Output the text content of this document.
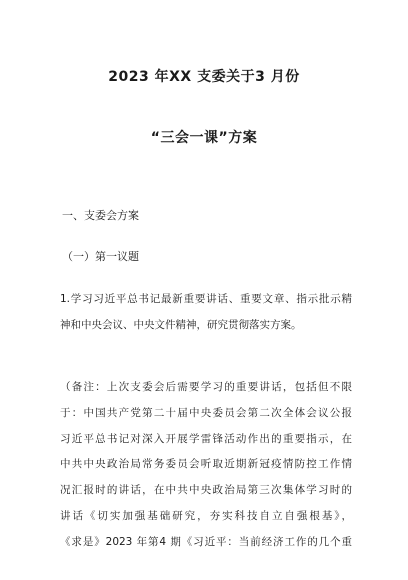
2023 年XX 支委关于3 月份
“三会一课”方案
一、支委会方案
（一）第一议题
1.学习习近平总书记最新重要讲话、重要文章、指示批示精
神和中央会议、中央文件精神，研究贯彻落实方案。
（备注：上次支委会后需要学习的重要讲话，包括但不限
于：中国共产党第二十届中央委员会第二次全体会议公报
习近平总书记对深入开展学雷锋活动作出的重要指示，在
中共中央政治局常务委员会听取近期新冠疫情防控工作情
况汇报时的讲话，在中共中央政治局第三次集体学习时的
讲话《切实加强基础研究，夯实科技自立自强根基》，
《求是》2023 年第4 期《习近平：当前经济工作的几个重
